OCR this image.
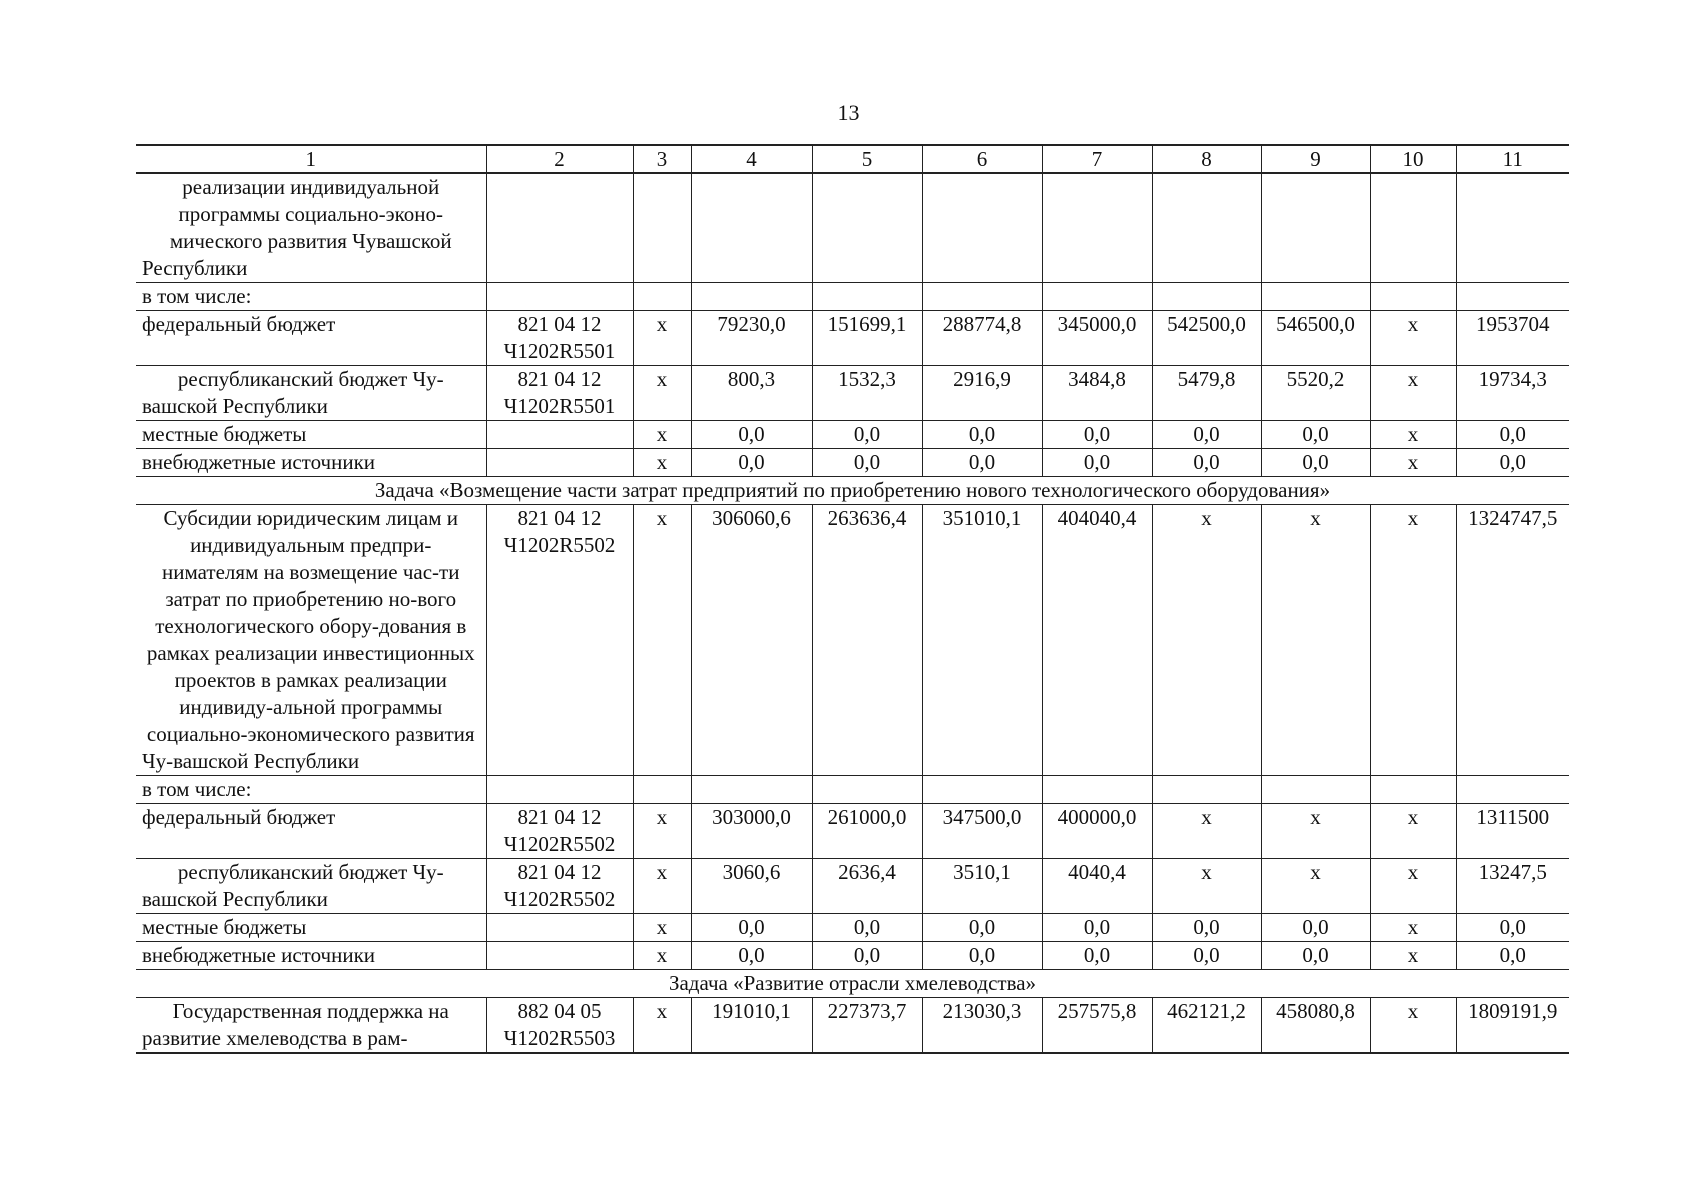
13
1	2	3	4	5	6	7	8	9	10	11
реализации индивидуальной программы социально-эконо-мического развития Чувашской Республики										
в том числе:										
федеральный бюджет	821 04 12 Ч1202R5501	х	79230,0	151699,1	288774,8	345000,0	542500,0	546500,0	х	1953704
республиканский бюджет Чу-вашской Республики	821 04 12 Ч1202R5501	х	800,3	1532,3	2916,9	3484,8	5479,8	5520,2	х	19734,3
местные бюджеты		х	0,0	0,0	0,0	0,0	0,0	0,0	х	0,0
внебюджетные источники		х	0,0	0,0	0,0	0,0	0,0	0,0	х	0,0
Задача «Возмещение части затрат предприятий по приобретению нового технологического оборудования»										
Субсидии юридическим лицам и индивидуальным предпри-нимателям на возмещение час-ти затрат по приобретению но-вого технологического обору-дования в рамках реализации инвестиционных проектов в рамках реализации индивиду-альной программы социально-экономического развития Чу-вашской Республики	821 04 12 Ч1202R5502	х	306060,6	263636,4	351010,1	404040,4	х	х	х	1324747,5
в том числе:										
федеральный бюджет	821 04 12 Ч1202R5502	х	303000,0	261000,0	347500,0	400000,0	х	х	х	1311500
республиканский бюджет Чу-вашской Республики	821 04 12 Ч1202R5502	х	3060,6	2636,4	3510,1	4040,4	х	х	х	13247,5
местные бюджеты		х	0,0	0,0	0,0	0,0	0,0	0,0	х	0,0
внебюджетные источники		х	0,0	0,0	0,0	0,0	0,0	0,0	х	0,0
Задача «Развитие отрасли хмелеводства»										
Государственная поддержка на развитие хмелеводства в рам-	882 04 05 Ч1202R5503	х	191010,1	227373,7	213030,3	257575,8	462121,2	458080,8	х	1809191,9
